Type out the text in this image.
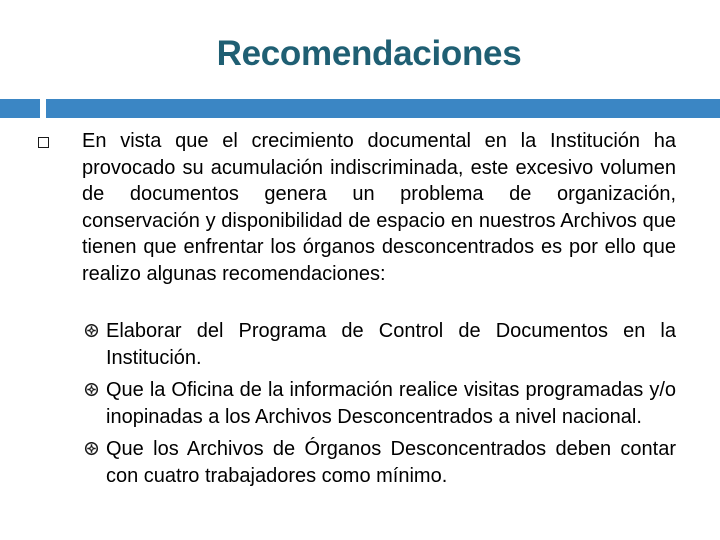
Recomendaciones
En vista que el crecimiento documental en la Institución ha provocado su acumulación indiscriminada, este excesivo volumen de documentos genera un problema de organización, conservación y disponibilidad de espacio en nuestros Archivos que tienen que enfrentar los órganos desconcentrados es por ello que realizo algunas recomendaciones:
Elaborar del Programa de Control de Documentos en la Institución.
Que la Oficina de la información realice visitas programadas y/o inopinadas a los Archivos Desconcentrados a nivel nacional.
Que los Archivos de Órganos Desconcentrados deben contar con cuatro trabajadores como mínimo.
